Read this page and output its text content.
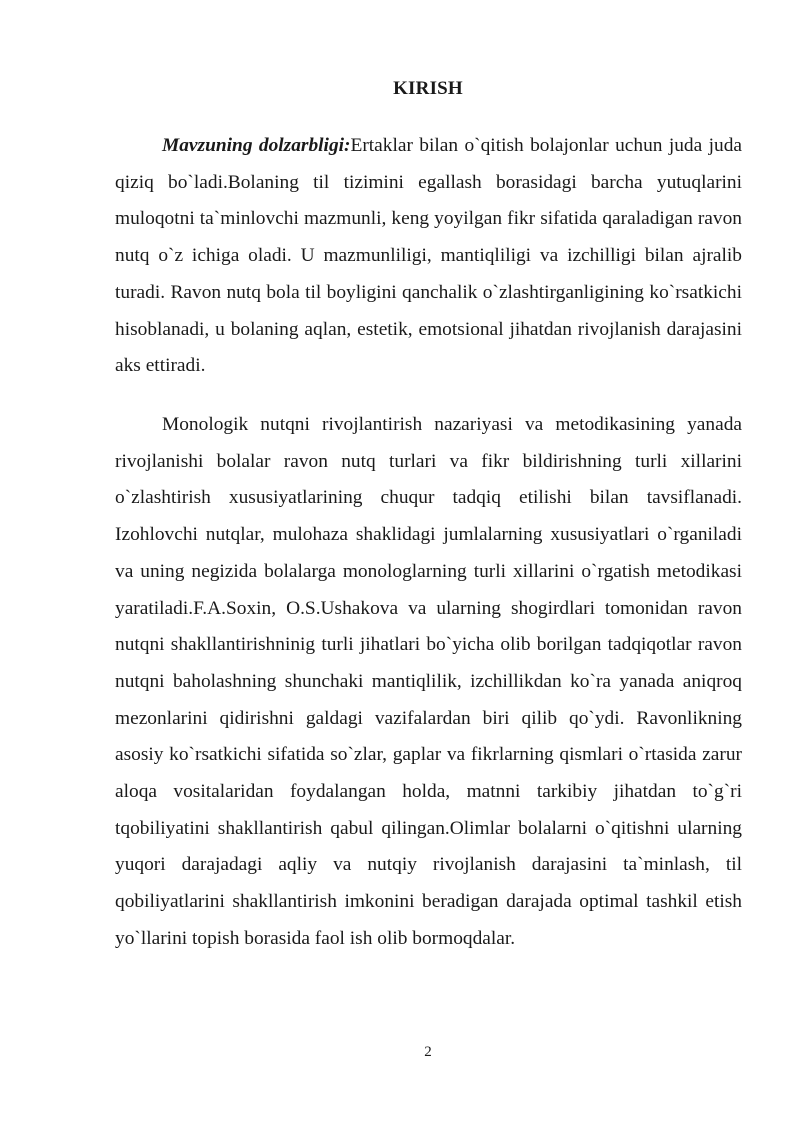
KIRISH

Mavzuning dolzarbligi:Ertaklar bilan o`qitish bolajonlar uchun juda juda qiziq bo`ladi.Bolaning til tizimini egallash borasidagi barcha yutuqlarini muloqotni ta`minlovchi mazmunli, keng yoyilgan fikr sifatida qaraladigan ravon nutq o`z ichiga oladi. U mazmunliligi, mantiqliligi va izchilligi bilan ajralib turadi. Ravon nutq bola til boyligini qanchalik o`zlashtirganligining ko`rsatkichi hisoblanadi, u bolaning aqlan, estetik, emotsional jihatdan rivojlanish darajasini aks ettiradi.

Monologik nutqni rivojlantirish nazariyasi va metodikasining yanada rivojlanishi bolalar ravon nutq turlari va fikr bildirishning turli xillarini o`zlashtirish xususiyatlarining chuqur tadqiq etilishi bilan tavsiflanadi. Izohlovchi nutqlar, mulohaza shaklidagi jumlalarning xususiyatlari o`rganiladi va uning negizida bolalarga monologlarning turli xillarini o`rgatish metodikasi yaratiladi.F.A.Soxin, O.S.Ushakova va ularning shogirdlari tomonidan ravon nutqni shakllantirishninig turli jihatlari bo`yicha olib borilgan tadqiqotlar ravon nutqni baholashning shunchaki mantiqlilik, izchillikdan ko`ra yanada aniqroq mezonlarini qidirishni galdagi vazifalardan biri qilib qo`ydi. Ravonlikning asosiy ko`rsatkichi sifatida so`zlar, gaplar va fikrlarning qismlari o`rtasida zarur aloqa vositalaridan foydalangan holda, matnni tarkibiy jihatdan to`g`ri tqobiliyatini shakllantirish qabul qilingan.Olimlar bolalarni o`qitishni ularning yuqori darajadagi aqliy va nutqiy rivojlanish darajasini ta`minlash, til qobiliyatlarini shakllantirish imkonini beradigan darajada optimal tashkil etish yo`llarini topish borasida faol ish olib bormoqdalar.

2
